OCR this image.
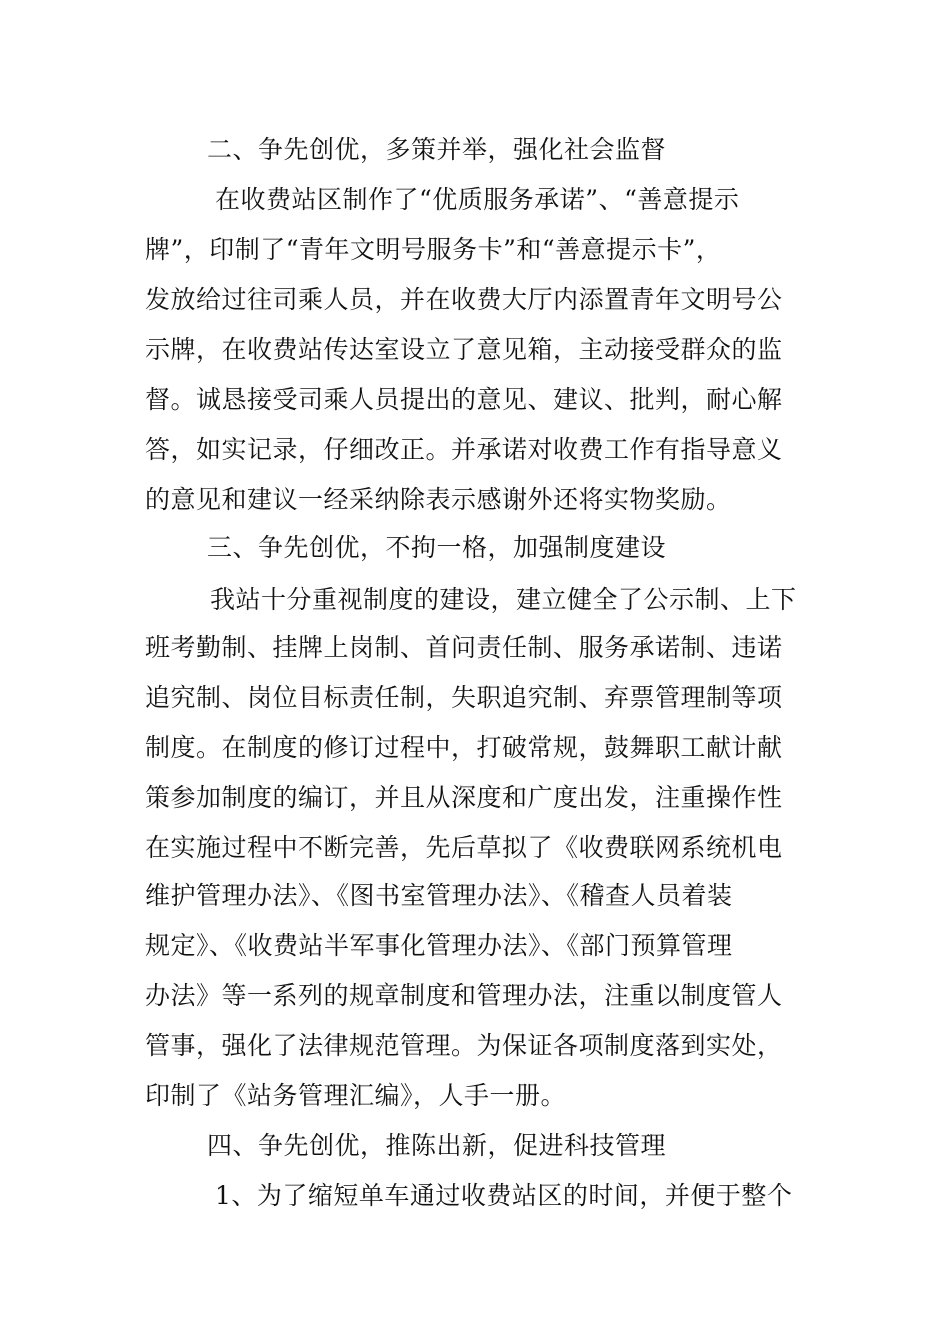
二、争先创优，多策并举，强化社会监督
在收费站区制作了“优质服务承诺”、“善意提示
牌”，印制了“青年文明号服务卡”和“善意提示卡”，
发放给过往司乘人员，并在收费大厅内添置青年文明号公
示牌，在收费站传达室设立了意见箱，主动接受群众的监
督。诚恳接受司乘人员提出的意见、建议、批判，耐心解
答，如实记录，仔细改正。并承诺对收费工作有指导意义
的意见和建议一经采纳除表示感谢外还将实物奖励。
三、争先创优，不拘一格，加强制度建设
我站十分重视制度的建设，建立健全了公示制、上下
班考勤制、挂牌上岗制、首问责任制、服务承诺制、违诺
追究制、岗位目标责任制，失职追究制、弃票管理制等项
制度。在制度的修订过程中，打破常规，鼓舞职工献计献
策参加制度的编订，并且从深度和广度出发，注重操作性
在实施过程中不断完善，先后草拟了《收费联网系统机电
维护管理办法》、《图书室管理办法》、《稽查人员着装
规定》、《收费站半军事化管理办法》、《部门预算管理
办法》等一系列的规章制度和管理办法，注重以制度管人
管事，强化了法律规范管理。为保证各项制度落到实处，
印制了《站务管理汇编》，人手一册。
四、争先创优，推陈出新，促进科技管理
1、为了缩短单车通过收费站区的时间，并便于整个
